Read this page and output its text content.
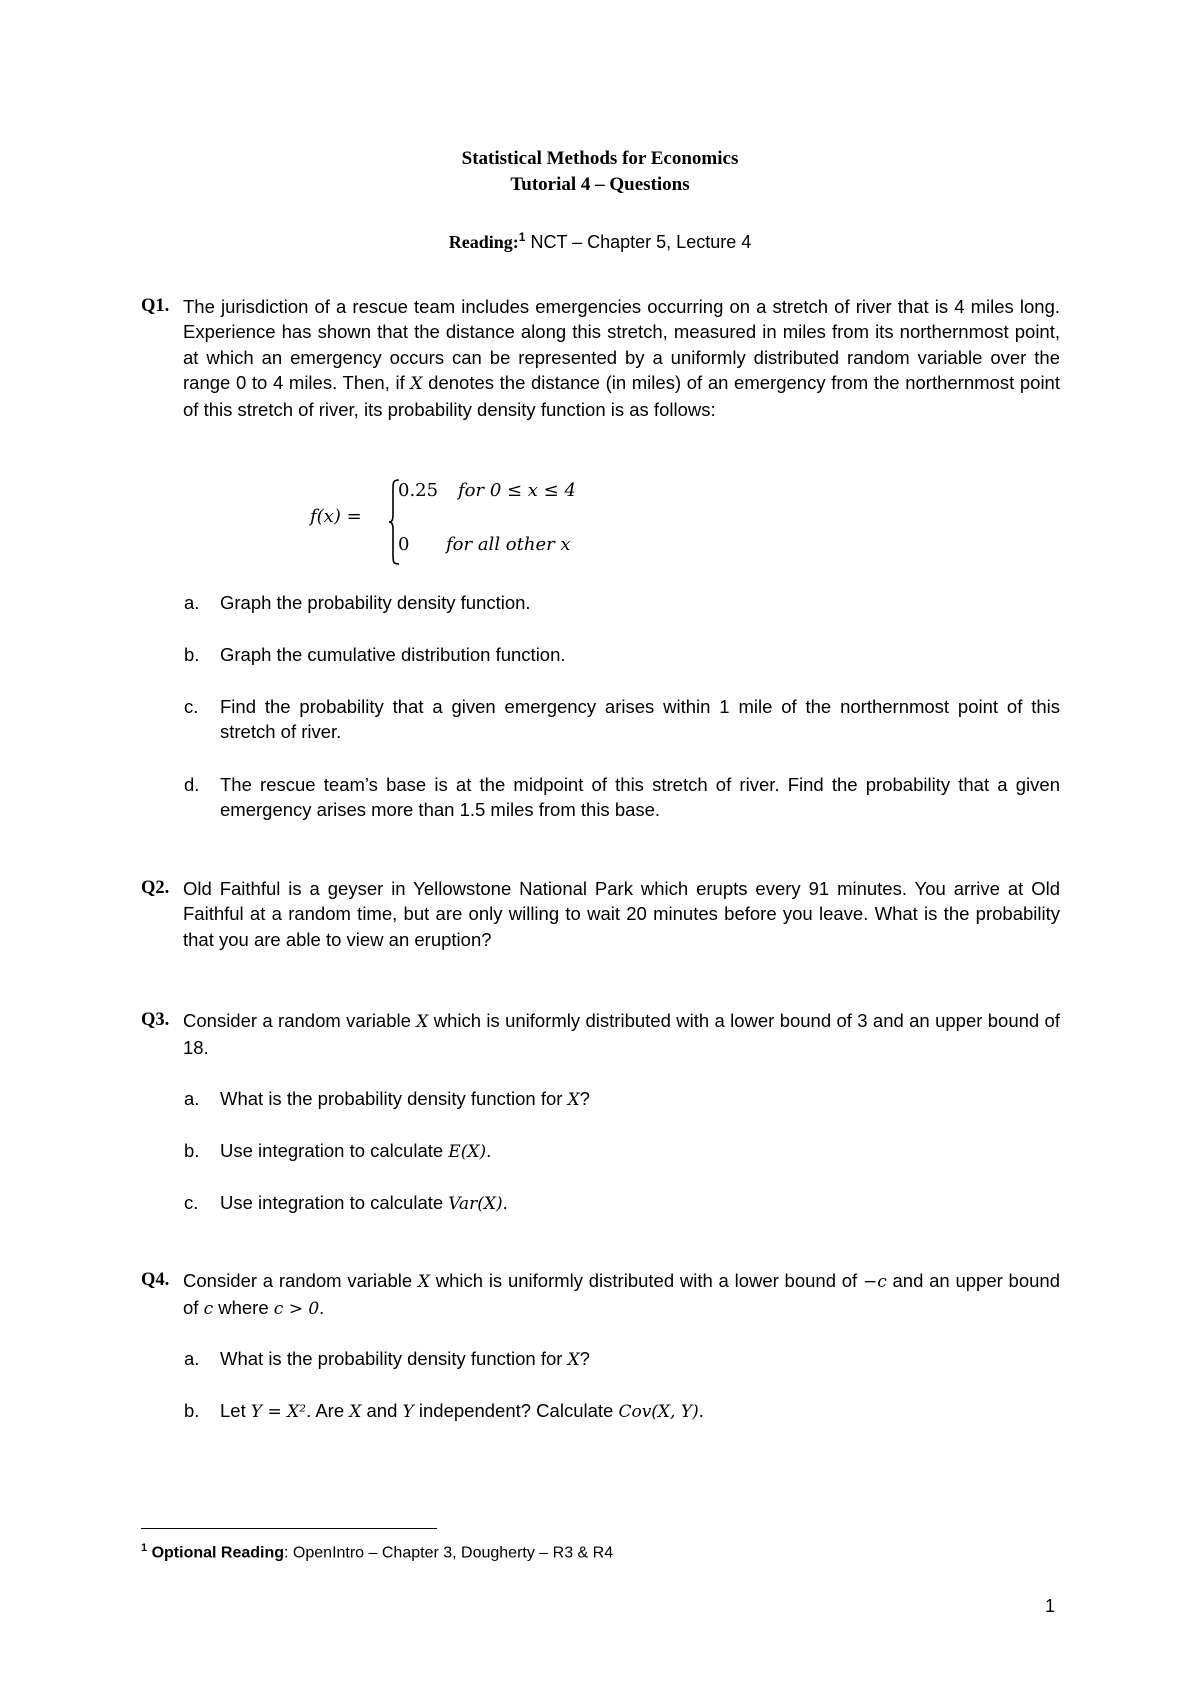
Statistical Methods for Economics
Tutorial 4 – Questions
Reading:$^1$ NCT – Chapter 5, Lecture 4
Q1. The jurisdiction of a rescue team includes emergencies occurring on a stretch of river that is 4 miles long. Experience has shown that the distance along this stretch, measured in miles from its northernmost point, at which an emergency occurs can be represented by a uniformly distributed random variable over the range 0 to 4 miles. Then, if X denotes the distance (in miles) of an emergency from the northernmost point of this stretch of river, its probability density function is as follows:
f(x) =
0.25 for 0 ≤ x ≤ 4
0 for all other x
a. Graph the probability density function.
b. Graph the cumulative distribution function.
c. Find the probability that a given emergency arises within 1 mile of the northernmost point of this stretch of river.
d. The rescue team’s base is at the midpoint of this stretch of river. Find the probability that a given emergency arises more than 1.5 miles from this base.
Q2. Old Faithful is a geyser in Yellowstone National Park which erupts every 91 minutes. You arrive at Old Faithful at a random time, but are only willing to wait 20 minutes before you leave. What is the probability that you are able to view an eruption?
Q3. Consider a random variable X which is uniformly distributed with a lower bound of 3 and an upper bound of 18.
a. What is the probability density function for X?
b. Use integration to calculate E(X).
c. Use integration to calculate Var(X).
Q4. Consider a random variable X which is uniformly distributed with a lower bound of −c and an upper bound of c where c > 0.
a. What is the probability density function for X?
b. Let Y = X². Are X and Y independent? Calculate Cov(X, Y).
$^1$ Optional Reading: OpenIntro – Chapter 3, Dougherty – R3 & R4
1
